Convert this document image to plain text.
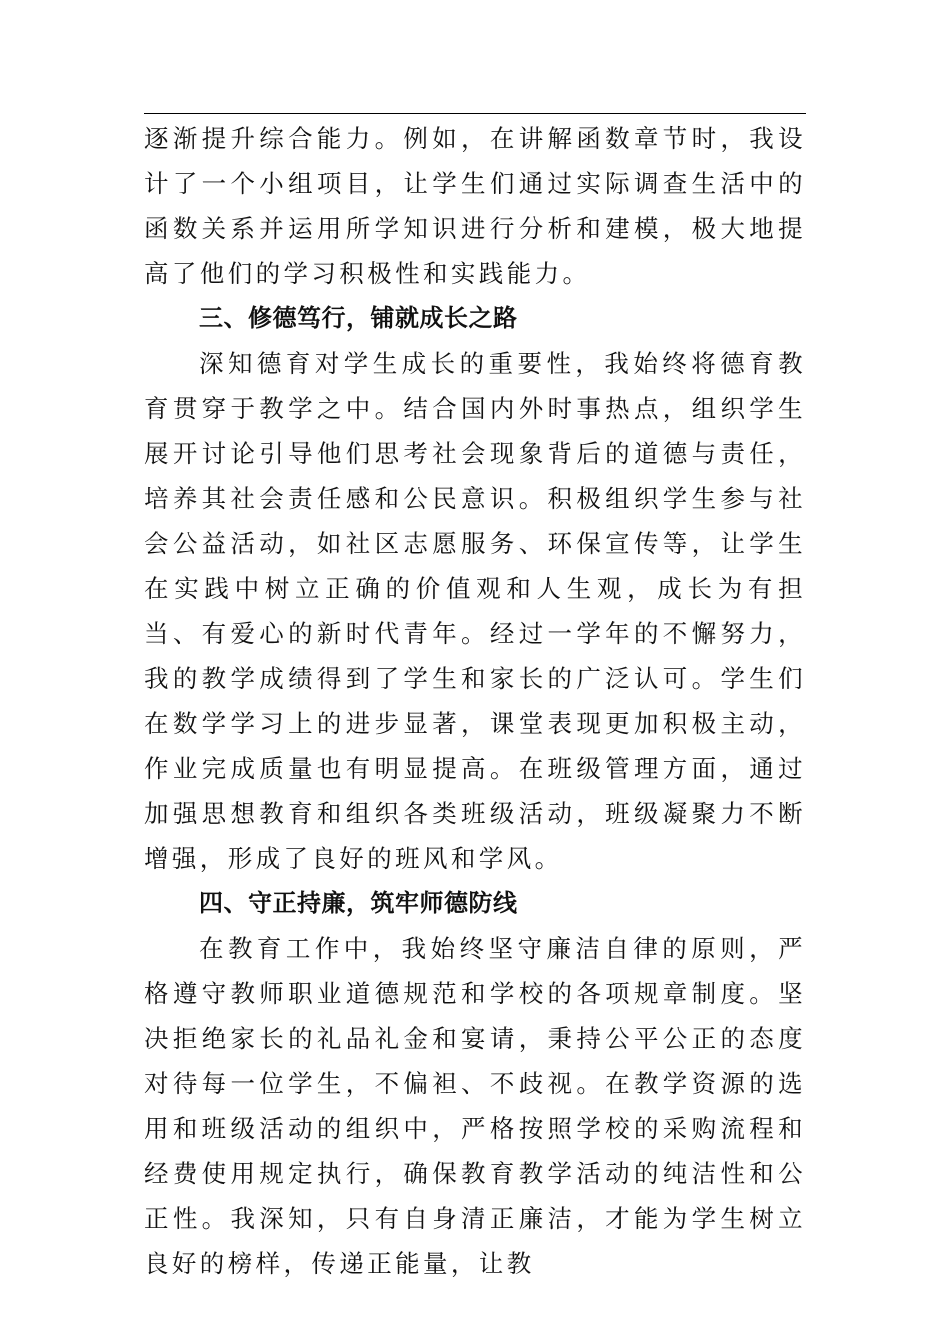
逐渐提升综合能力。例如，在讲解函数章节时，我设计了一个小组项目，让学生们通过实际调查生活中的函数关系并运用所学知识进行分析和建模，极大地提高了他们的学习积极性和实践能力。

三、修德笃行，铺就成长之路

深知德育对学生成长的重要性，我始终将德育教育贯穿于教学之中。结合国内外时事热点，组织学生展开讨论引导他们思考社会现象背后的道德与责任，培养其社会责任感和公民意识。积极组织学生参与社会公益活动，如社区志愿服务、环保宣传等，让学生在实践中树立正确的价值观和人生观，成长为有担当、有爱心的新时代青年。经过一学年的不懈努力，我的教学成绩得到了学生和家长的广泛认可。学生们在数学学习上的进步显著，课堂表现更加积极主动，作业完成质量也有明显提高。在班级管理方面，通过加强思想教育和组织各类班级活动，班级凝聚力不断增强，形成了良好的班风和学风。

四、守正持廉，筑牢师德防线

在教育工作中，我始终坚守廉洁自律的原则，严格遵守教师职业道德规范和学校的各项规章制度。坚决拒绝家长的礼品礼金和宴请，秉持公平公正的态度对待每一位学生，不偏袒、不歧视。在教学资源的选用和班级活动的组织中，严格按照学校的采购流程和经费使用规定执行，确保教育教学活动的纯洁性和公正性。我深知，只有自身清正廉洁，才能为学生树立良好的榜样，传递正能量，让教
